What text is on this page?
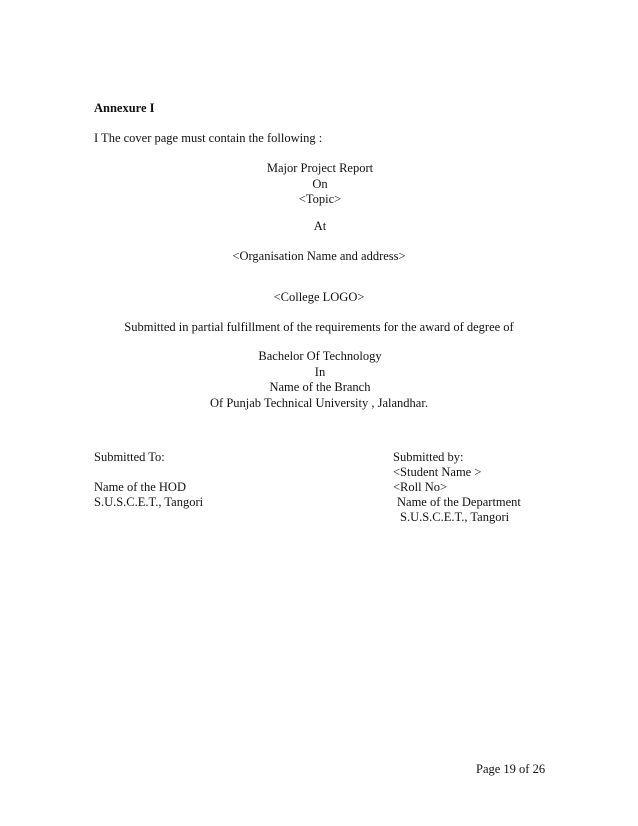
Annexure I
I The cover page must contain the following :
Major Project Report
On
<Topic>
At
<Organisation Name and address>
<College LOGO>
Submitted in partial fulfillment of the requirements for the award of degree of
Bachelor Of Technology
In
Name of the Branch
Of Punjab Technical University , Jalandhar.
Submitted To:
Name of the HOD
S.U.S.C.E.T., Tangori
Submitted by:
<Student Name >
<Roll No>
Name of the Department
S.U.S.C.E.T., Tangori
Page 19 of 26
